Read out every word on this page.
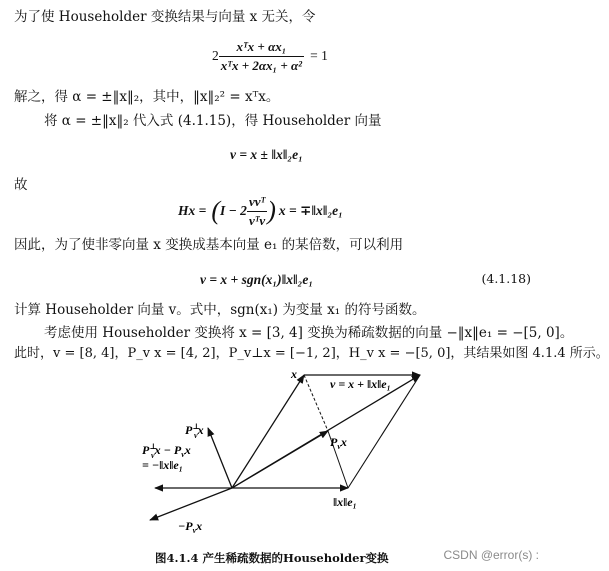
为了使 Householder 变换结果与向量 x 无关，令
$2 \frac{\text{xᵀx + αx₁}}{\text{xᵀx + 2αx₁ + α²}} = 1$
解之，得 α = ±‖x‖₂，其中，‖x‖₂² = xᵀx。
将 α = ±‖x‖₂ 代入式 (4.1.15)，得 Householder 向量
v = x ± ‖x‖₂e₁
故
Hx = ( $I - 2 \frac{\text{vvᵀ}}{\text{vᵀv}}$ ) x = ∓‖x‖₂e₁
因此，为了使非零向量 x 变换成基本向量 e₁ 的某倍数，可以利用
v = x + sgn(x₁)‖x‖₂e₁	(4.1.18)
计算 Householder 向量 v。式中，sgn(x₁) 为变量 x₁ 的符号函数。
考虑使用 Householder 变换将 x = [3, 4] 变换为稀疏数据的向量 −‖x‖e₁ = −[5, 0]。
此时，v = [8, 4]，P_v x = [4, 2]，P_v⊥x = [−1, 2]，H_v x = −[5, 0]，其结果如图 4.1.4 所示。
v = x + ‖x‖e₁
x
P⊥ vx
$P_vx$
P⊥ vx − $P_vx$
= −‖x‖e₁
‖x‖e₁
$-P_vx$
图4.1.4 产生稀疏数据的Householder变换	CSDN @error(s) :
